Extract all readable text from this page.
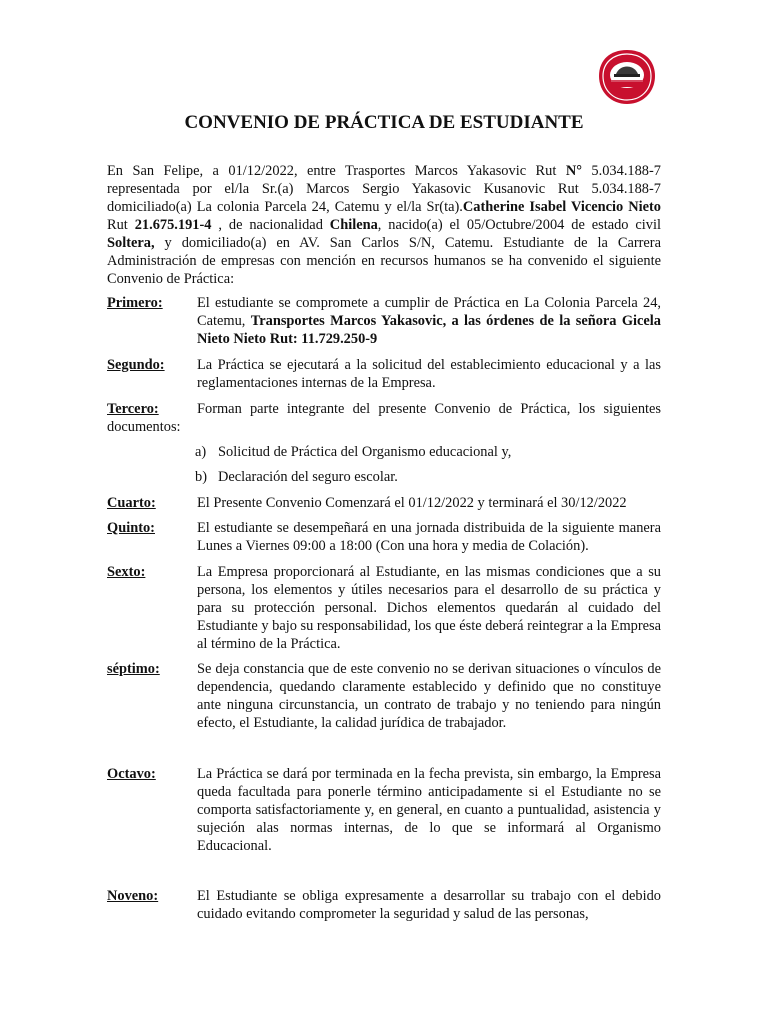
CONVENIO DE PRÁCTICA DE ESTUDIANTE

En San Felipe, a 01/12/2022, entre Trasportes Marcos Yakasovic Rut N° 5.034.188-7 representada por el/la Sr.(a) Marcos Sergio Yakasovic Kusanovic Rut 5.034.188-7 domiciliado(a) La colonia Parcela 24, Catemu y el/la Sr(ta).Catherine Isabel Vicencio Nieto Rut 21.675.191-4 , de nacionalidad Chilena, nacido(a) el 05/Octubre/2004 de estado civil Soltera, y domiciliado(a) en AV. San Carlos S/N, Catemu. Estudiante de la Carrera Administración de empresas con mención en recursos humanos se ha convenido el siguiente Convenio de Práctica:

Primero: El estudiante se compromete a cumplir de Práctica en La Colonia Parcela 24, Catemu, Transportes Marcos Yakasovic, a las órdenes de la señora Gicela Nieto Nieto Rut: 11.729.250-9
Segundo: La Práctica se ejecutará a la solicitud del establecimiento educacional y a las reglamentaciones internas de la Empresa.
Tercero:	Forman parte integrante del presente Convenio de Práctica, los siguientes documentos:
a) Solicitud de Práctica del Organismo educacional y,
b) Declaración del seguro escolar.
Cuarto:	El Presente Convenio Comenzará el 01/12/2022 y terminará el 30/12/2022
Quinto:	El estudiante se desempeñará en una jornada distribuida de la siguiente manera Lunes a Viernes 09:00 a 18:00 (Con una hora y media de Colación).
Sexto:	La Empresa proporcionará al Estudiante, en las mismas condiciones que a su persona, los elementos y útiles necesarios para el desarrollo de su práctica y para su protección personal. Dichos elementos quedarán al cuidado del Estudiante y bajo su responsabilidad, los que éste deberá reintegrar a la Empresa al término de la Práctica.
séptimo:	Se deja constancia que de este convenio no se derivan situaciones o vínculos de dependencia, quedando claramente establecido y definido que no constituye ante ninguna circunstancia, un contrato de trabajo y no teniendo para ningún efecto, el Estudiante, la calidad jurídica de trabajador.
Octavo:	La Práctica se dará por terminada en la fecha prevista, sin embargo, la Empresa queda facultada para ponerle término anticipadamente si el Estudiante no se comporta satisfactoriamente y, en general, en cuanto a puntualidad, asistencia y sujeción alas normas internas, de lo que se informará al Organismo Educacional.
Noveno:	El Estudiante se obliga expresamente a desarrollar su trabajo con el debido cuidado evitando comprometer la seguridad y salud de las personas,
